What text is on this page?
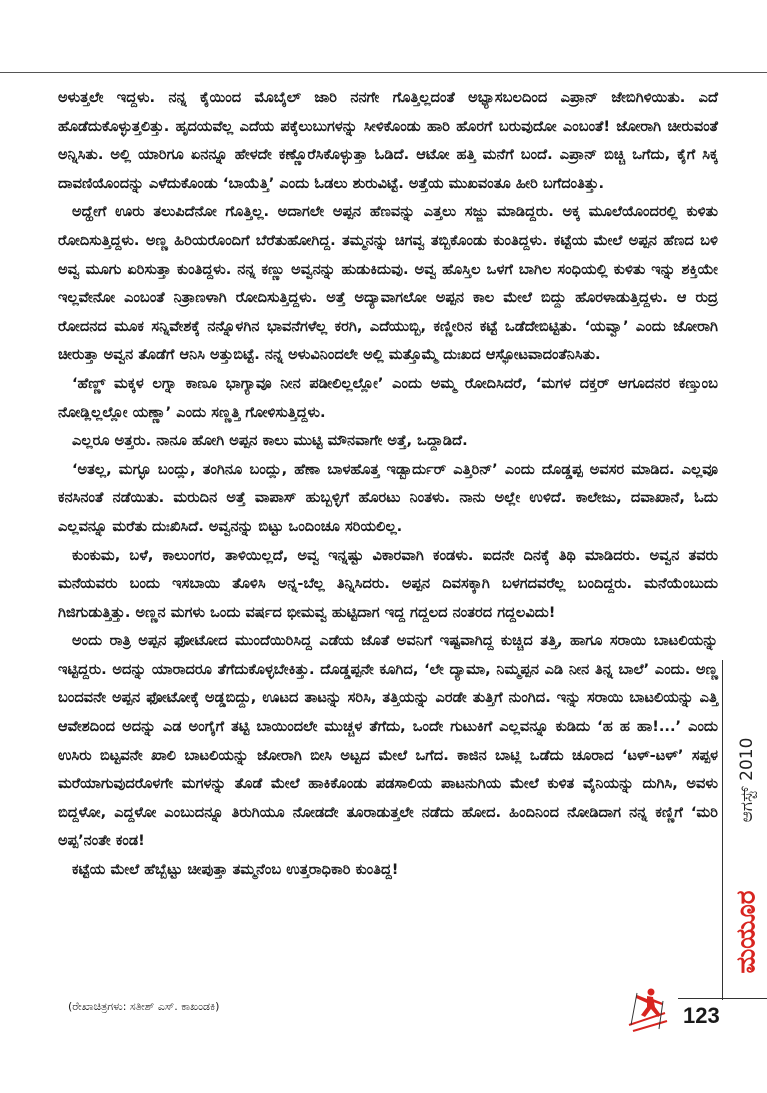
ಅಳುತ್ತಲೇ ಇದ್ದಳು. ನನ್ನ ಕೈಯಿಂದ ಮೊಬೈಲ್ ಜಾರಿ ನನಗೇ ಗೊತ್ತಿಲ್ಲದಂತೆ ಅಭ್ಯಾಸಬಲದಿಂದ ಎಪ್ರಾನ್ ಜೇಬಿಗಿಳಿಯಿತು. ಎದೆ ಹೊಡೆದುಕೊಳ್ಳುತ್ತಲಿತ್ತು. ಹೃದಯವೆಲ್ಲ ಎದೆಯ ಪಕ್ಕೆಲುಬುಗಳನ್ನು ಸೀಳಿಕೊಂಡು ಹಾರಿ ಹೊರಗೆ ಬರುವುದೋ ಎಂಬಂತೆ! ಜೋರಾಗಿ ಚೀರುವಂತೆ ಅನ್ನಿಸಿತು. ಅಲ್ಲಿ ಯಾರಿಗೂ ಏನನ್ನೂ ಹೇಳದೇ ಕಣ್ಣೊರೆಸಿಕೊಳ್ಳುತ್ತಾ ಓಡಿದೆ. ಆಟೋ ಹತ್ತಿ ಮನೆಗೆ ಬಂದೆ. ಎಪ್ರಾನ್ ಬಿಚ್ಚಿ ಒಗೆದು, ಕೈಗೆ ಸಿಕ್ಕ ದಾವಣಿಯೊಂದನ್ನು ಎಳೆದುಕೊಂಡು ‘ಬಾಯೆತ್ತಿ’ ಎಂದು ಓಡಲು ಶುರುವಿಟ್ಟೆ. ಅತ್ತೆಯ ಮುಖವಂತೂ ಹೀರಿ ಬಗೆದಂತಿತ್ತು.

ಅದ್ಹೇಗೆ ಊರು ತಲುಪಿದೆನೋ ಗೊತ್ತಿಲ್ಲ. ಅದಾಗಲೇ ಅಪ್ಪನ ಹೆಣವನ್ನು ಎತ್ತಲು ಸಜ್ಜು ಮಾಡಿದ್ದರು. ಅಕ್ಕ ಮೂಲೆಯೊಂದರಲ್ಲಿ ಕುಳಿತು ರೋದಿಸುತ್ತಿದ್ದಳು. ಅಣ್ಣ ಹಿರಿಯರೊಂದಿಗೆ ಬೆರೆತುಹೋಗಿದ್ದ. ತಮ್ಮನನ್ನು ಚಿಗವ್ವ ತಬ್ಬಿಕೊಂಡು ಕುಂತಿದ್ದಳು. ಕಟ್ಟೆಯ ಮೇಲೆ ಅಪ್ಪನ ಹೆಣದ ಬಳಿ ಅವ್ವ ಮೂಗು ಏರಿಸುತ್ತಾ ಕುಂತಿದ್ದಳು. ನನ್ನ ಕಣ್ಣು ಅವ್ವನನ್ನು ಹುಡುಕಿದುವು. ಅವ್ವ ಹೊಸ್ತಿಲ ಒಳಗೆ ಬಾಗಿಲ ಸಂಧಿಯಲ್ಲಿ ಕುಳಿತು ಇನ್ನು ಶಕ್ತಿಯೇ ಇಲ್ಲವೇನೋ ಎಂಬಂತೆ ನಿತ್ರಾಣಳಾಗಿ ರೋದಿಸುತ್ತಿದ್ದಳು. ಅತ್ತೆ ಅದ್ಯಾವಾಗಲೋ ಅಪ್ಪನ ಕಾಲ ಮೇಲೆ ಬಿದ್ದು ಹೊರಳಾಡುತ್ತಿದ್ದಳು. ಆ ರುದ್ರ ರೋದನದ ಮೂಕ ಸನ್ನಿವೇಶಕ್ಕೆ ನನ್ನೊಳಗಿನ ಭಾವನೆಗಳೆಲ್ಲ ಕರಗಿ, ಎದೆಯುಬ್ಬಿ, ಕಣ್ಣೀರಿನ ಕಟ್ಟೆ ಒಡೆದೇಬಿಟ್ಟಿತು. ‘ಯವ್ವಾ’ ಎಂದು ಜೋರಾಗಿ ಚೀರುತ್ತಾ ಅವ್ವನ ತೊಡೆಗೆ ಆನಿಸಿ ಅತ್ತುಬಿಟ್ಟೆ. ನನ್ನ ಅಳುವಿನಿಂದಲೇ ಅಲ್ಲಿ ಮತ್ತೊಮ್ಮೆ ದುಃಖದ ಆಸ್ಫೋಟವಾದಂತೆನಿಸಿತು.

‘ಹೆಣ್ಣ್ ಮಕ್ಕಳ ಲಗ್ನಾ ಕಾಣೂ ಭಾಗ್ಯಾವೂ ನೀನ ಪಡೀಲಿಲ್ಲಲ್ಲೋ’ ಎಂದು ಅಮ್ಮ ರೋದಿಸಿದರೆ, ‘ಮಗಳ ದಕ್ತರ್ ಆಗೂದನರ ಕಣ್ತುಂಬ ನೋಡ್ಲಿಲ್ಲಲ್ಲೋ ಯಣ್ಣಾ’ ಎಂದು ಸಣ್ಣತ್ತಿ ಗೋಳಿಸುತ್ತಿದ್ದಳು.

ಎಲ್ಲರೂ ಅತ್ತರು. ನಾನೂ ಹೋಗಿ ಅಪ್ಪನ ಕಾಲು ಮುಟ್ಟಿ ಮೌನವಾಗೇ ಅತ್ತೆ, ಒದ್ದಾಡಿದೆ.

‘ಅತಲ್ಲ, ಮಗ್ಳೂ ಬಂದ್ಲು, ತಂಗಿನೂ ಬಂದ್ಲು, ಹೆಣಾ ಬಾಳಹೊತ್ತ ಇಡ್ಬಾರ್ದುರ್ ಎತ್ತಿರಿನ್’ ಎಂದು ದೊಡ್ಡಪ್ಪ ಅವಸರ ಮಾಡಿದ. ಎಲ್ಲವೂ ಕನಸಿನಂತೆ ನಡೆಯಿತು. ಮರುದಿನ ಅತ್ತೆ ವಾಪಾಸ್ ಹುಬ್ಬಳ್ಳಿಗೆ ಹೊರಟು ನಿಂತಳು. ನಾನು ಅಲ್ಲೇ ಉಳಿದೆ. ಕಾಲೇಜು, ದವಾಖಾನೆ, ಓದು ಎಲ್ಲವನ್ನೂ ಮರೆತು ದುಃಖಿಸಿದೆ. ಅವ್ವನನ್ನು ಬಿಟ್ಟು ಒಂದಿಂಚೂ ಸರಿಯಲಿಲ್ಲ.

ಕುಂಕುಮ, ಬಳೆ, ಕಾಲುಂಗರ, ತಾಳಿಯಿಲ್ಲದೆ, ಅವ್ವ ಇನ್ನಷ್ಟು ವಿಕಾರವಾಗಿ ಕಂಡಳು. ಐದನೇ ದಿನಕ್ಕೆ ತಿಥಿ ಮಾಡಿದರು. ಅವ್ವನ ತವರು ಮನೆಯವರು ಬಂದು ಇಸಬಾಯಿ ತೊಳಿಸಿ ಅನ್ನ-ಬೆಲ್ಲ ತಿನ್ನಿಸಿದರು. ಅಪ್ಪನ ದಿವಸಕ್ಕಾಗಿ ಬಳಗದವರೆಲ್ಲ ಬಂದಿದ್ದರು. ಮನೆಯೆಂಬುದು ಗಿಜಿಗುಡುತ್ತಿತ್ತು. ಅಣ್ಣನ ಮಗಳು ಒಂದು ವರ್ಷದ ಭೀಮವ್ವ ಹುಟ್ಟಿದಾಗ ಇದ್ದ ಗದ್ದಲದ ನಂತರದ ಗದ್ದಲವಿದು!

ಅಂದು ರಾತ್ರಿ ಅಪ್ಪನ ಫೋಟೋದ ಮುಂದೆಯಿರಿಸಿದ್ದ ಎಡೆಯ ಜೊತೆ ಅವನಿಗೆ ಇಷ್ಟವಾಗಿದ್ದ ಕುಚ್ಚಿದ ತತ್ತಿ, ಹಾಗೂ ಸರಾಯಿ ಬಾಟಲಿಯನ್ನು ಇಟ್ಟಿದ್ದರು. ಅದನ್ನು ಯಾರಾದರೂ ತೆಗೆದುಕೊಳ್ಳಬೇಕಿತ್ತು. ದೊಡ್ಡಪ್ಪನೇ ಕೂಗಿದ, ‘ಲೇ ದ್ಯಾಮಾ, ನಿಮ್ಮಪ್ಪನ ಎಡಿ ನೀನ ತಿನ್ನ ಬಾಲೆ’ ಎಂದು. ಅಣ್ಣ ಬಂದವನೇ ಅಪ್ಪನ ಫೋಟೋಕ್ಕೆ ಅಡ್ಡಬಿದ್ದು, ಊಟದ ತಾಟನ್ನು ಸರಿಸಿ, ತತ್ತಿಯನ್ನು ಎರಡೇ ತುತ್ತಿಗೆ ನುಂಗಿದ. ಇನ್ನು ಸರಾಯಿ ಬಾಟಲಿಯನ್ನು ಎತ್ತಿ ಆವೇಶದಿಂದ ಅದನ್ನು ಎಡ ಅಂಗೈಗೆ ತಟ್ಟಿ ಬಾಯಿಂದಲೇ ಮುಚ್ಚಳ ತೆಗೆದು, ಒಂದೇ ಗುಟುಕಿಗೆ ಎಲ್ಲವನ್ನೂ ಕುಡಿದು ‘ಹ ಹ ಹಾ!...’ ಎಂದು ಉಸಿರು ಬಿಟ್ಟವನೇ ಖಾಲಿ ಬಾಟಲಿಯನ್ನು ಜೋರಾಗಿ ಬೀಸಿ ಅಟ್ಟದ ಮೇಲೆ ಒಗೆದ. ಕಾಜಿನ ಬಾಟ್ಲಿ ಒಡೆದು ಚೂರಾದ ‘ಟಳ್-ಟಳ್’ ಸಪ್ಪಳ ಮರೆಯಾಗುವುದರೊಳಗೇ ಮಗಳನ್ನು ತೊಡೆ ಮೇಲೆ ಹಾಕಿಕೊಂಡು ಪಡಸಾಲಿಯ ಪಾಟನುಗಿಯ ಮೇಲೆ ಕುಳಿತ ವೈನಿಯನ್ನು ದುಗಿಸಿ, ಅವಳು ಬಿದ್ದಳೋ, ಎದ್ದಳೋ ಎಂಬುದನ್ನೂ ತಿರುಗಿಯೂ ನೋಡದೇ ತೂರಾಡುತ್ತಲೇ ನಡೆದು ಹೋದ. ಹಿಂದಿನಿಂದ ನೋಡಿದಾಗ ನನ್ನ ಕಣ್ಣಿಗೆ ‘ಮರಿ ಅಪ್ಪ’ನಂತೇ ಕಂಡ!

ಕಟ್ಟೆಯ ಮೇಲೆ ಹೆಬ್ಬೆಟ್ಟು ಚೀಪುತ್ತಾ ತಮ್ಮನೆಂಬ ಉತ್ತರಾಧಿಕಾರಿ ಕುಂತಿದ್ದ!

(ರೇಖಾಚಿತ್ರಗಳು: ಸತೀಶ್ ಎಸ್. ಕಾಖಂಡಕಿ)
ಆಗಸ್ಟ್ 2010
ಮಯೂರ
123
